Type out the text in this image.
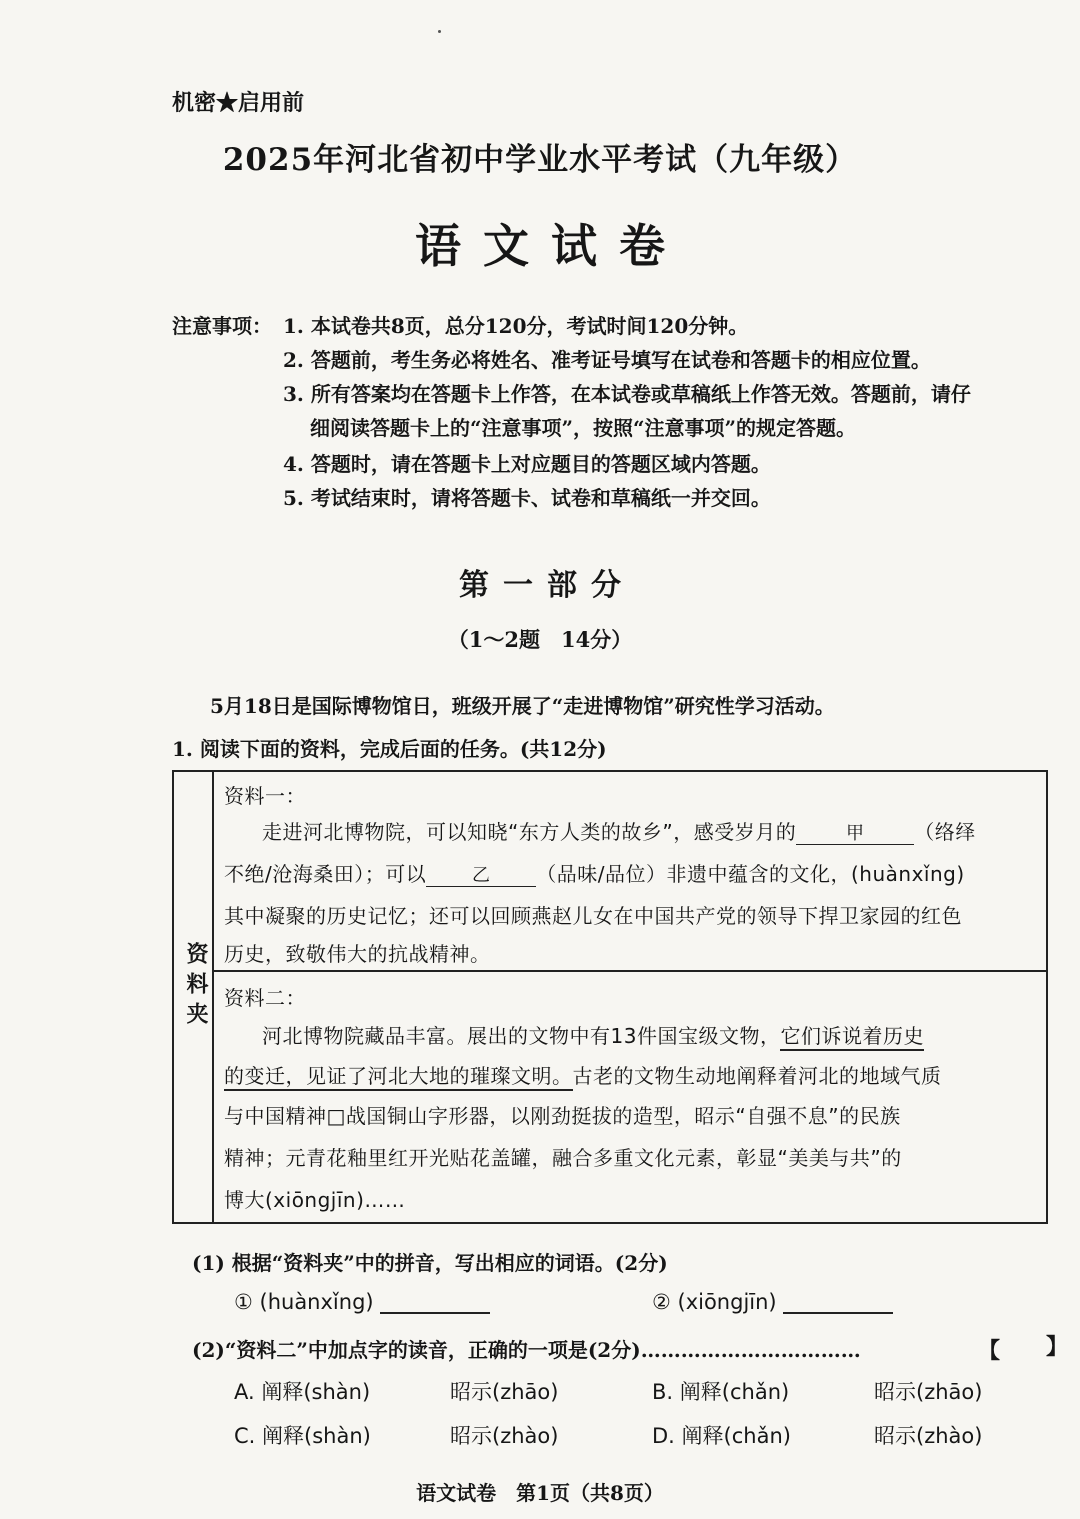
机密★启用前
2025年河北省初中学业水平考试（九年级）
语文试卷
注意事项： 1. 本试卷共8页，总分120分，考试时间120分钟。
2. 答题前，考生务必将姓名、准考证号填写在试卷和答题卡的相应位置。
3. 所有答案均在答题卡上作答，在本试卷或草稿纸上作答无效。答题前，请仔
细阅读答题卡上的“注意事项”，按照“注意事项”的规定答题。
4. 答题时，请在答题卡上对应题目的答题区域内答题。
5. 考试结束时，请将答题卡、试卷和草稿纸一并交回。
第一部分
（1～2题　14分）
5月18日是国际博物馆日，班级开展了“走进博物馆”研究性学习活动。
1. 阅读下面的资料，完成后面的任务。(共12分)
资料夹
资料一：
走进河北博物院，可以知晓“东方人类的故乡”，感受岁月的	甲 （络绎
不绝/沧海桑田）；可以	乙 （品味/品位）非遗中蕴含的文化，(huànxǐng)
其中凝聚的历史记忆；还可以回顾燕赵儿女在中国共产党的领导下捍卫家园的红色
历史，致敬伟大的抗战精神。
资料二：
河北博物院藏品丰富。展出的文物中有13件国宝级文物，它们诉说着历史
的变迁，见证了河北大地的璀璨文明。古老的文物生动地阐释着河北的地域气质
与中国精神□战国铜山字形器，以刚劲挺拔的造型，昭示“自强不息”的民族
精神；元青花釉里红开光贴花盖罐，融合多重文化元素，彰显“美美与共”的
博大(xiōngjīn)……
(1) 根据“资料夹”中的拼音，写出相应的词语。(2分)
① (huànxǐng)	② (xiōngjīn)
(2)“资料二”中加点字的读音，正确的一项是(2分)……………………………	【 】
A. 阐释(shàn)	昭示(zhāo)	B. 阐释(chǎn)	昭示(zhāo)
C. 阐释(shàn)	昭示(zhào)	D. 阐释(chǎn)	昭示(zhào)
语文试卷　第1页（共8页）
